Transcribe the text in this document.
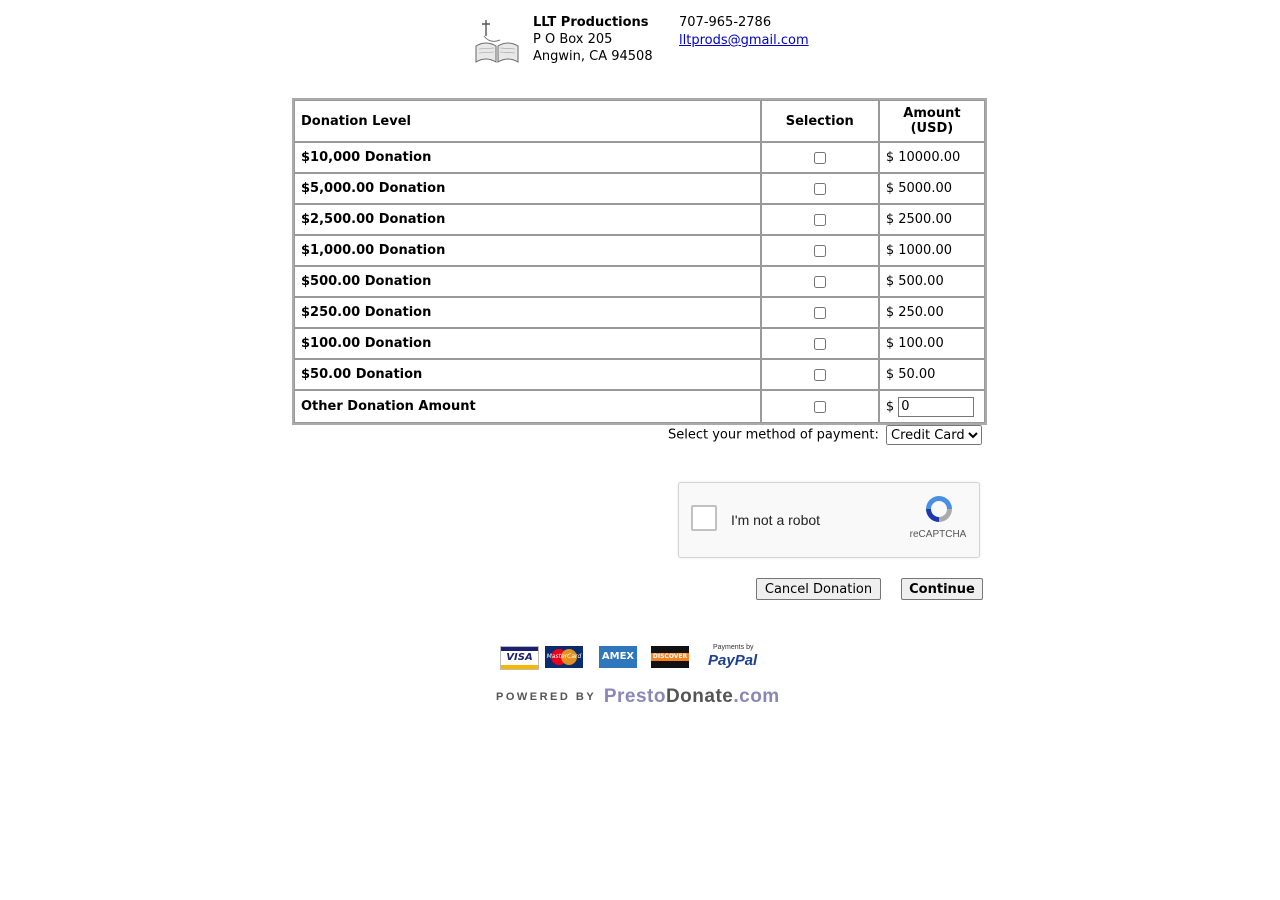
LLT Productions
P O Box 205
Angwin, CA 94508
707-965-2786
lltprods@gmail.com
Donation Level	Selection	Amount
(USD)
$10,000 Donation		$ 10000.00
$5,000.00 Donation		$ 5000.00
$2,500.00 Donation		$ 2500.00
$1,000.00 Donation		$ 1000.00
$500.00 Donation		$ 500.00
$250.00 Donation		$ 250.00
$100.00 Donation		$ 100.00
$50.00 Donation		$ 50.00
Other Donation Amount		$ 0
Select your method of payment:
Credit Card
I'm not a robot
reCAPTCHA
Cancel Donation	Continue
VISA	MasterCard AMEX	DISCOVER
Payments by
PayPal
POWERED BY PrestoDonate.com
